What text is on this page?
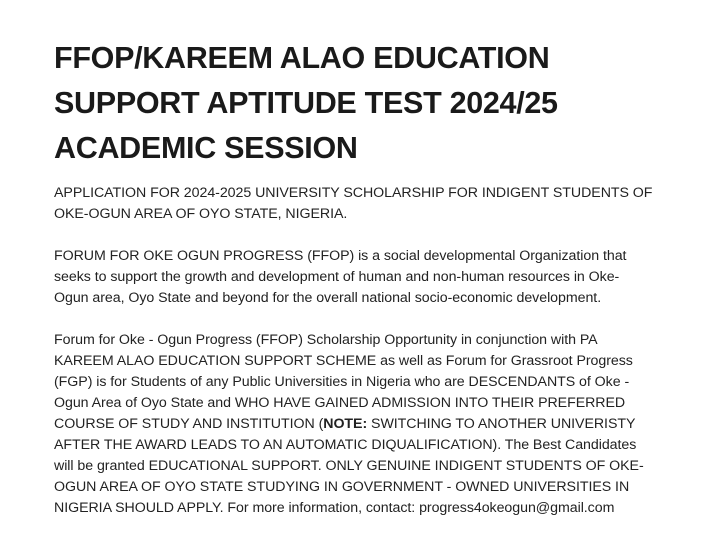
FFOP/KAREEM ALAO EDUCATION
SUPPORT APTITUDE TEST 2024/25
ACADEMIC SESSION

APPLICATION FOR 2024-2025 UNIVERSITY SCHOLARSHIP FOR INDIGENT STUDENTS OF
OKE-OGUN AREA OF OYO STATE, NIGERIA.

FORUM FOR OKE OGUN PROGRESS (FFOP) is a social developmental Organization that
seeks to support the growth and development of human and non-human resources in Oke-
Ogun area, Oyo State and beyond for the overall national socio-economic development.

Forum for Oke - Ogun Progress (FFOP) Scholarship Opportunity in conjunction with PA
KAREEM ALAO EDUCATION SUPPORT SCHEME as well as Forum for Grassroot Progress
(FGP) is for Students of any Public Universities in Nigeria who are DESCENDANTS of Oke -
Ogun Area of Oyo State and WHO HAVE GAINED ADMISSION INTO THEIR PREFERRED
COURSE OF STUDY AND INSTITUTION (NOTE: SWITCHING TO ANOTHER UNIVERISTY
AFTER THE AWARD LEADS TO AN AUTOMATIC DIQUALIFICATION). The Best Candidates
will be granted EDUCATIONAL SUPPORT. ONLY GENUINE INDIGENT STUDENTS OF OKE-
OGUN AREA OF OYO STATE STUDYING IN GOVERNMENT - OWNED UNIVERSITIES IN
NIGERIA SHOULD APPLY. For more information, contact: progress4okeogun@gmail.com
